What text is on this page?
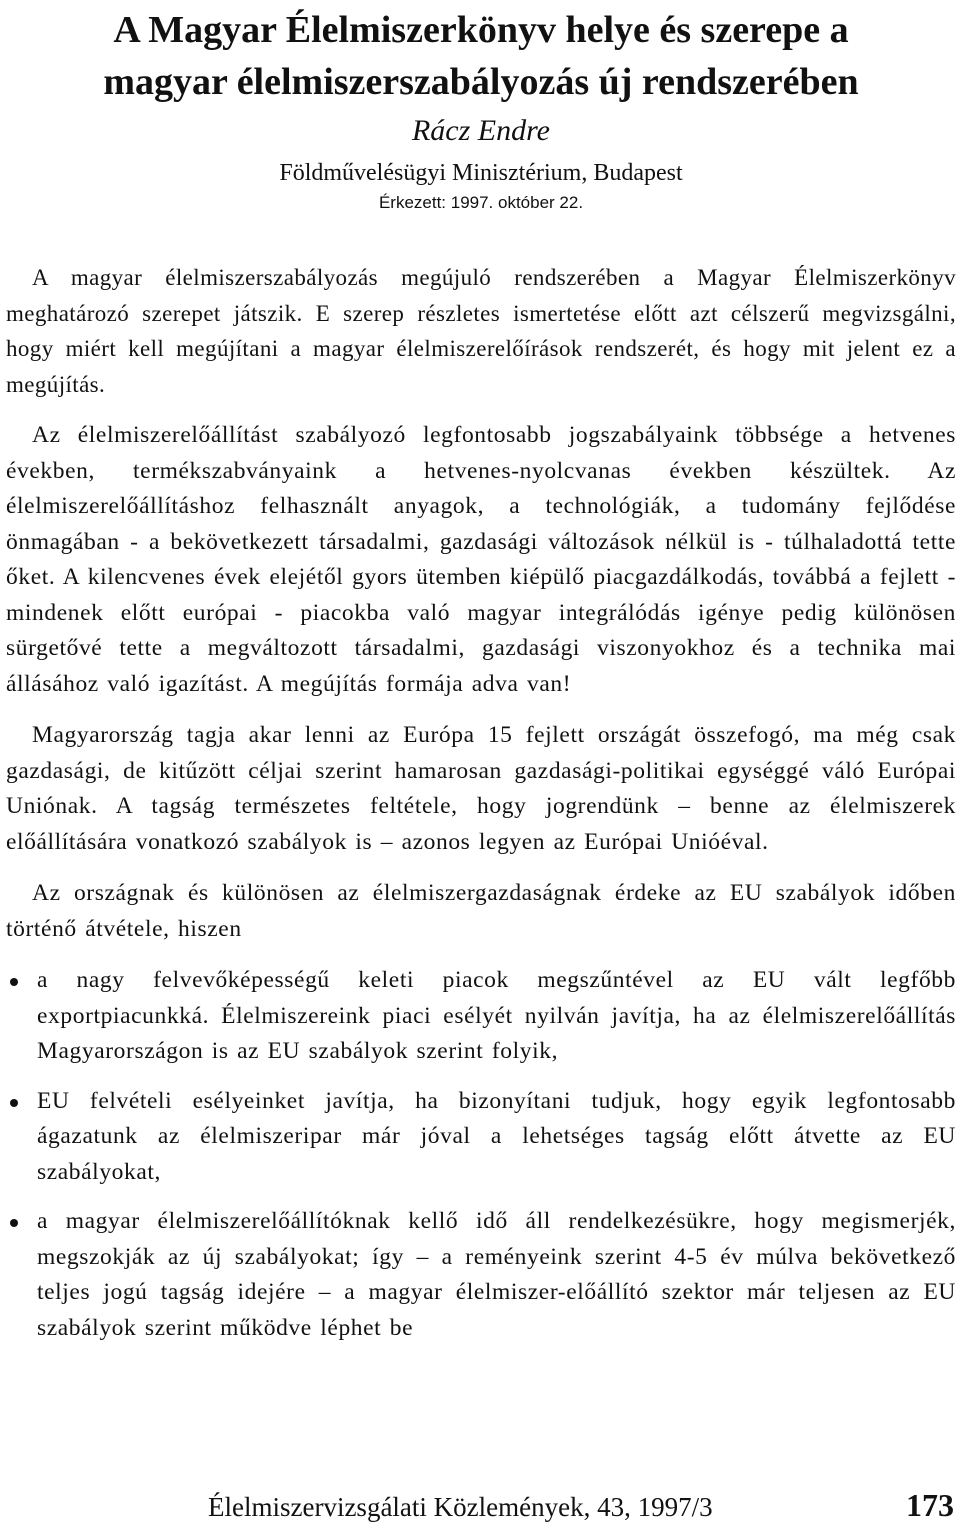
A Magyar Élelmiszerkönyv helye és szerepe a
magyar élelmiszerszabályozás új rendszerében

Rácz Endre

Földművelésügyi Minisztérium, Budapest

Érkezett: 1997. október 22.

A magyar élelmiszerszabályozás megújuló rendszerében a Magyar Élelmiszerkönyv meghatározó szerepet játszik. E szerep részletes ismertetése előtt azt célszerű megvizsgálni, hogy miért kell megújítani a magyar élelmiszerelőírások rendszerét, és hogy mit jelent ez a megújítás.

Az élelmiszerelőállítást szabályozó legfontosabb jogszabályaink többsége a hetvenes években, termékszabványaink a hetvenes-nyolcvanas években készültek. Az élelmiszerelőállításhoz felhasznált anyagok, a technológiák, a tudomány fejlődése önmagában - a bekövetkezett társadalmi, gazdasági változások nélkül is - túlhaladottá tette őket. A kilencvenes évek elejétől gyors ütemben kiépülő piacgazdálkodás, továbbá a fejlett - mindenek előtt európai - piacokba való magyar integrálódás igénye pedig különösen sürgetővé tette a megváltozott társadalmi, gazdasági viszonyokhoz és a technika mai állásához való igazítást. A megújítás formája adva van!

Magyarország tagja akar lenni az Európa 15 fejlett országát összefogó, ma még csak gazdasági, de kitűzött céljai szerint hamarosan gazdasági-politikai egységgé váló Európai Uniónak. A tagság természetes feltétele, hogy jogrendünk – benne az élelmiszerek előállítására vonatkozó szabályok is – azonos legyen az Európai Unióéval.

Az országnak és különösen az élelmiszergazdaságnak érdeke az EU szabályok időben történő átvétele, hiszen

a nagy felvevőképességű keleti piacok megszűntével az EU vált legfőbb exportpiacunkká. Élelmiszereink piaci esélyét nyilván javítja, ha az élelmiszerelőállítás Magyarországon is az EU szabályok szerint folyik,
EU felvételi esélyeinket javítja, ha bizonyítani tudjuk, hogy egyik legfontosabb ágazatunk az élelmiszeripar már jóval a lehetséges tagság előtt átvette az EU szabályokat,
a magyar élelmiszerelőállítóknak kellő idő áll rendelkezésükre, hogy megismerjék, megszokják az új szabályokat; így – a reményeink szerint 4-5 év múlva bekövetkező teljes jogú tagság idejére – a magyar élelmiszer-előállító szektor már teljesen az EU szabályok szerint működve léphet be
Élelmiszervizsgálati Közlemények, 43, 1997/3	173
